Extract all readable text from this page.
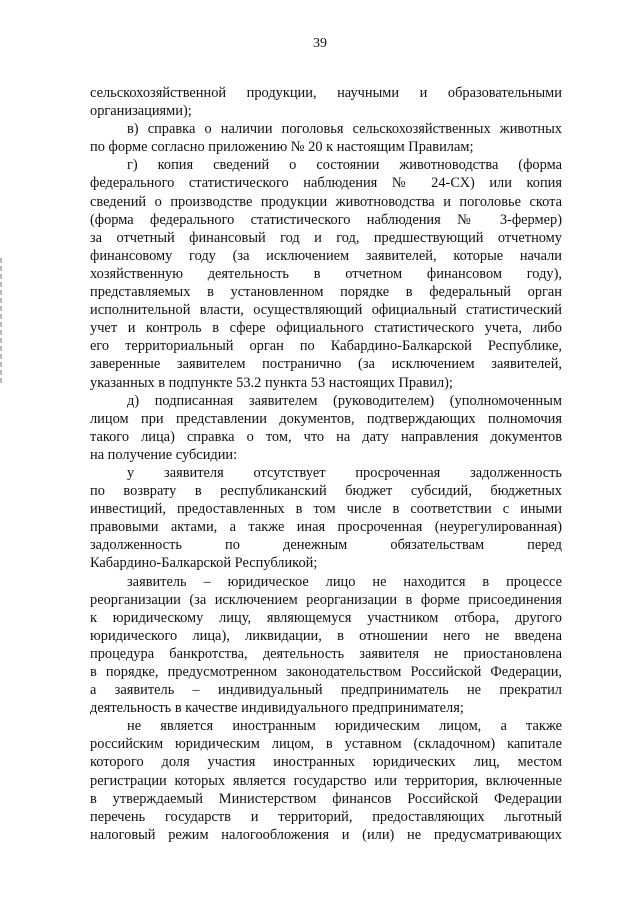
39
сельскохозяйственной продукции, научными и образовательными
организациями);
в) справка о наличии поголовья сельскохозяйственных животных
по форме согласно приложению № 20 к настоящим Правилам;
г) копия сведений о состоянии животноводства (форма
федерального статистического наблюдения № 24-СХ) или копия
сведений о производстве продукции животноводства и поголовье скота
(форма федерального статистического наблюдения № 3-фермер)
за отчетный финансовый год и год, предшествующий отчетному
финансовому году (за исключением заявителей, которые начали
хозяйственную деятельность в отчетном финансовом году),
представляемых в установленном порядке в федеральный орган
исполнительной власти, осуществляющий официальный статистический
учет и контроль в сфере официального статистического учета, либо
его территориальный орган по Кабардино-Балкарской Республике,
заверенные заявителем постранично (за исключением заявителей,
указанных в подпункте 53.2 пункта 53 настоящих Правил);
д) подписанная заявителем (руководителем) (уполномоченным
лицом при представлении документов, подтверждающих полномочия
такого лица) справка о том, что на дату направления документов
на получение субсидии:
у заявителя отсутствует просроченная задолженность
по возврату в республиканский бюджет субсидий, бюджетных
инвестиций, предоставленных в том числе в соответствии с иными
правовыми актами, а также иная просроченная (неурегулированная)
задолженность по денежным обязательствам перед
Кабардино-Балкарской Республикой;
заявитель – юридическое лицо не находится в процессе
реорганизации (за исключением реорганизации в форме присоединения
к юридическому лицу, являющемуся участником отбора, другого
юридического лица), ликвидации, в отношении него не введена
процедура банкротства, деятельность заявителя не приостановлена
в порядке, предусмотренном законодательством Российской Федерации,
а заявитель – индивидуальный предприниматель не прекратил
деятельность в качестве индивидуального предпринимателя;
не является иностранным юридическим лицом, а также
российским юридическим лицом, в уставном (складочном) капитале
которого доля участия иностранных юридических лиц, местом
регистрации которых является государство или территория, включенные
в утверждаемый Министерством финансов Российской Федерации
перечень государств и территорий, предоставляющих льготный
налоговый режим налогообложения и (или) не предусматривающих
